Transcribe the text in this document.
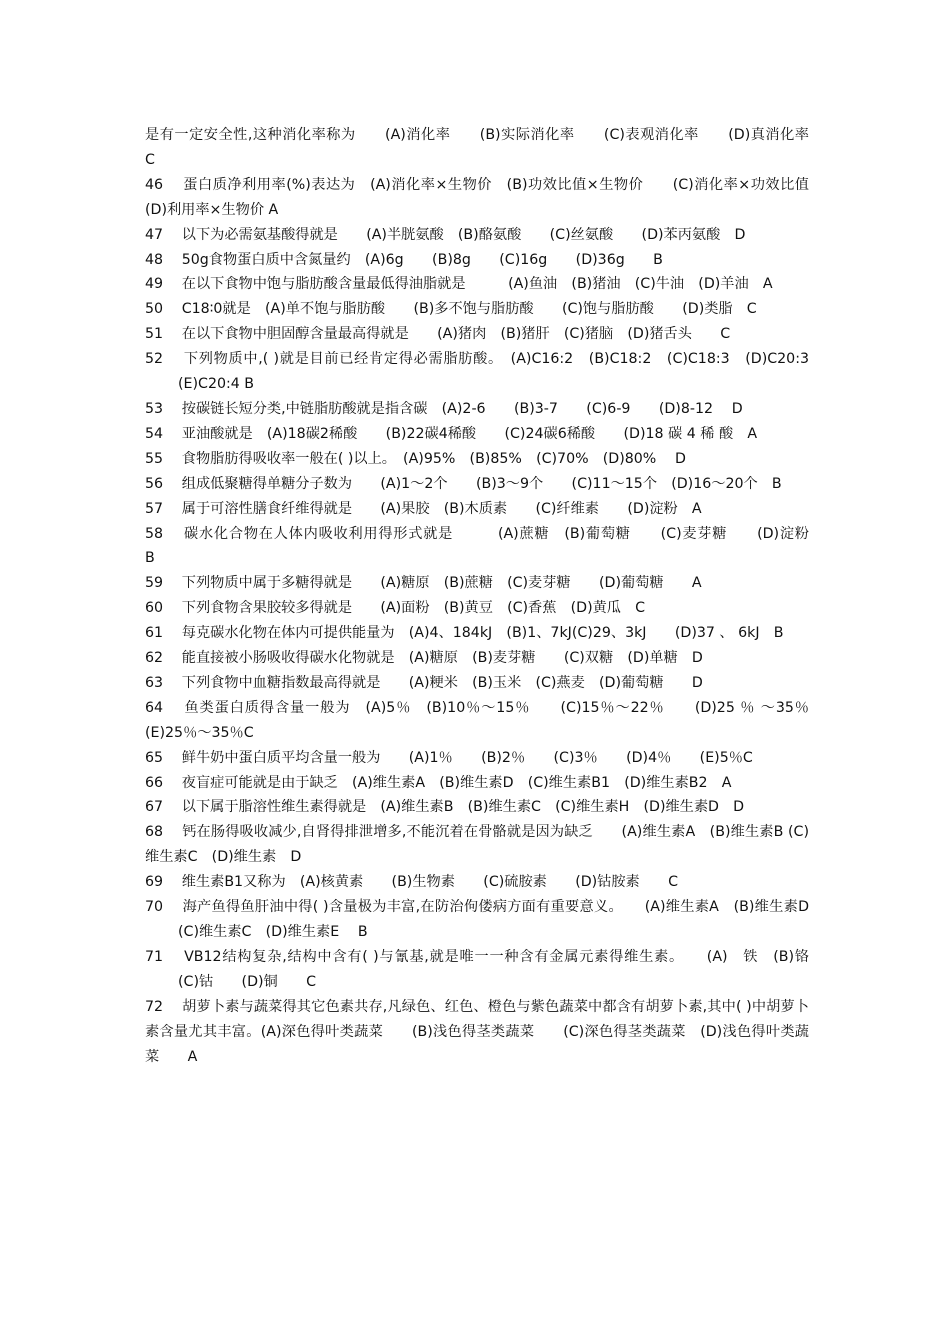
是有一定安全性,这种消化率称为　　(A)消化率　　(B)实际消化率　　(C)表观消化率　　(D)真消化率　　C

46　 蛋白质净利用率(%)表达为　(A)消化率×生物价　(B)功效比值×生物价　　(C)消化率×功效比值　　(D)利用率×生物价 A

47　 以下为必需氨基酸得就是　　(A)半胱氨酸　(B)酪氨酸　　(C)丝氨酸　　(D)苯丙氨酸　D

48　 50g食物蛋白质中含氮量约　(A)6g　　(B)8g　　(C)16g　　(D)36g　　B

49　 在以下食物中饱与脂肪酸含量最低得油脂就是　　　(A)鱼油　(B)猪油　(C)牛油　(D)羊油　A

50　 C18∶0就是　(A)单不饱与脂肪酸　　(B)多不饱与脂肪酸　　(C)饱与脂肪酸　　(D)类脂　C

51　 在以下食物中胆固醇含量最高得就是　　(A)猪肉　(B)猪肝　(C)猪脑　(D)猪舌头　　C

52　 下列物质中,( )就是目前已经肯定得必需脂肪酸。　(A)C16:2　(B)C18:2　(C)C18:3　(D)C20:3　(E)C20:4 B

53　 按碳链长短分类,中链脂肪酸就是指含碳　(A)2-6　　(B)3-7　　(C)6-9　　(D)8-12　 D

54　 亚油酸就是　(A)18碳2稀酸　　(B)22碳4稀酸　　(C)24碳6稀酸　　(D)18 碳 4 稀 酸　A

55　 食物脂肪得吸收率一般在( )以上。　(A)95%　(B)85%　(C)70%　(D)80%　 D

56　 组成低聚糖得单糖分子数为　　(A)1～2个　　(B)3～9个　　(C)11～15个　(D)16～20个　B

57　 属于可溶性膳食纤维得就是　　(A)果胶　(B)木质素　　(C)纤维素　　(D)淀粉　A

58　 碳水化合物在人体内吸收利用得形式就是　　　(A)蔗糖　(B)葡萄糖　　(C)麦芽糖　　(D)淀粉　　B

59　 下列物质中属于多糖得就是　　(A)糖原　(B)蔗糖　(C)麦芽糖　　(D)葡萄糖　　A

60　 下列食物含果胶较多得就是　　(A)面粉　(B)黄豆　(C)香蕉　(D)黄瓜　C

61　 每克碳水化物在体内可提供能量为　(A)4、184kJ　(B)1、7kJ(C)29、3kJ　　(D)37 、 6kJ　B

62　 能直接被小肠吸收得碳水化物就是　(A)糖原　(B)麦芽糖　　(C)双糖　(D)单糖　D

63　 下列食物中血糖指数最高得就是　　(A)粳米　(B)玉米　(C)燕麦　(D)葡萄糖　　D

64　 鱼类蛋白质得含量一般为　(A)5％　(B)10％～15％　　(C)15％～22％　　(D)25 ％ ～35％　　(E)25％～35％C

65　 鲜牛奶中蛋白质平均含量一般为　　(A)1％　　(B)2％　　(C)3％　　(D)4％　　(E)5％C

66　 夜盲症可能就是由于缺乏　(A)维生素A　(B)维生素D　(C)维生素B1　(D)维生素B2　A

67　 以下属于脂溶性维生素得就是　(A)维生素B　(B)维生素C　(C)维生素H　(D)维生素D　D

68　 钙在肠得吸收减少,自肾得排泄增多,不能沉着在骨骼就是因为缺乏　　(A)维生素A　(B)维生素B (C)维生素C　(D)维生素　D

69　 维生素B1又称为　(A)核黄素　　(B)生物素　　(C)硫胺素　　(D)钴胺素　　C

70　 海产鱼得鱼肝油中得( )含量极为丰富,在防治佝偻病方面有重要意义。　　(A)维生素A　(B)维生素D　(C)维生素C　(D)维生素E　 B

71　 VB12结构复杂,结构中含有( )与氰基,就是唯一一种含有金属元素得维生素。　　(A)　铁　(B)铬　　(C)钴　　(D)铜　　C

72　 胡萝卜素与蔬菜得其它色素共存,凡绿色、红色、橙色与紫色蔬菜中都含有胡萝卜素,其中( )中胡萝卜素含量尤其丰富。(A)深色得叶类蔬菜　　(B)浅色得茎类蔬菜　　(C)深色得茎类蔬菜　(D)浅色得叶类蔬菜　　A
